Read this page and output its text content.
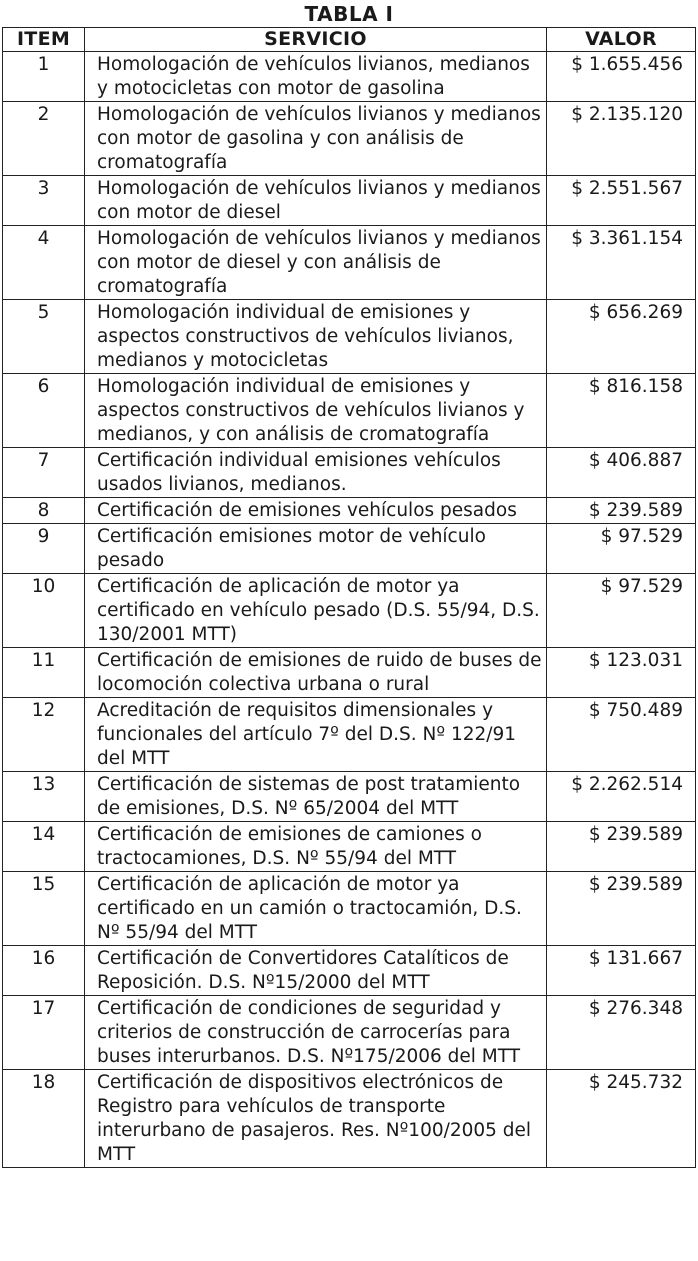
TABLA I
ITEM	SERVICIO	VALOR
1	Homologación de vehículos livianos, medianos y motocicletas con motor de gasolina	$ 1.655.456
2	Homologación de vehículos livianos y medianos con motor de gasolina y con análisis de cromatografía	$ 2.135.120
3	Homologación de vehículos livianos y medianos con motor de diesel	$ 2.551.567
4	Homologación de vehículos livianos y medianos con motor de diesel y con análisis de cromatografía	$ 3.361.154
5	Homologación individual de emisiones y aspectos constructivos de vehículos livianos, medianos y motocicletas	$ 656.269
6	Homologación individual de emisiones y aspectos constructivos de vehículos livianos y medianos, y con análisis de cromatografía	$ 816.158
7	Certificación individual emisiones vehículos usados livianos, medianos.	$ 406.887
8	Certificación de emisiones vehículos pesados	$ 239.589
9	Certificación emisiones motor de vehículo pesado	$ 97.529
10	Certificación de aplicación de motor ya certificado en vehículo pesado (D.S. 55/94, D.S. 130/2001 MTT)	$ 97.529
11	Certificación de emisiones de ruido de buses de locomoción colectiva urbana o rural	$ 123.031
12	Acreditación de requisitos dimensionales y funcionales del artículo 7º del D.S. Nº 122/91 del MTT	$ 750.489
13	Certificación de sistemas de post tratamiento de emisiones, D.S. Nº 65/2004 del MTT	$ 2.262.514
14	Certificación de emisiones de camiones o tractocamiones, D.S. Nº 55/94 del MTT	$ 239.589
15	Certificación de aplicación de motor ya certificado en un camión o tractocamión, D.S. Nº 55/94 del MTT	$ 239.589
16	Certificación de Convertidores Catalíticos de Reposición. D.S. Nº15/2000 del MTT	$ 131.667
17	Certificación de condiciones de seguridad y criterios de construcción de carrocerías para buses interurbanos. D.S. Nº175/2006 del MTT	$ 276.348
18	Certificación de dispositivos electrónicos de Registro para vehículos de transporte interurbano de pasajeros. Res. Nº100/2005 del MTT	$ 245.732
